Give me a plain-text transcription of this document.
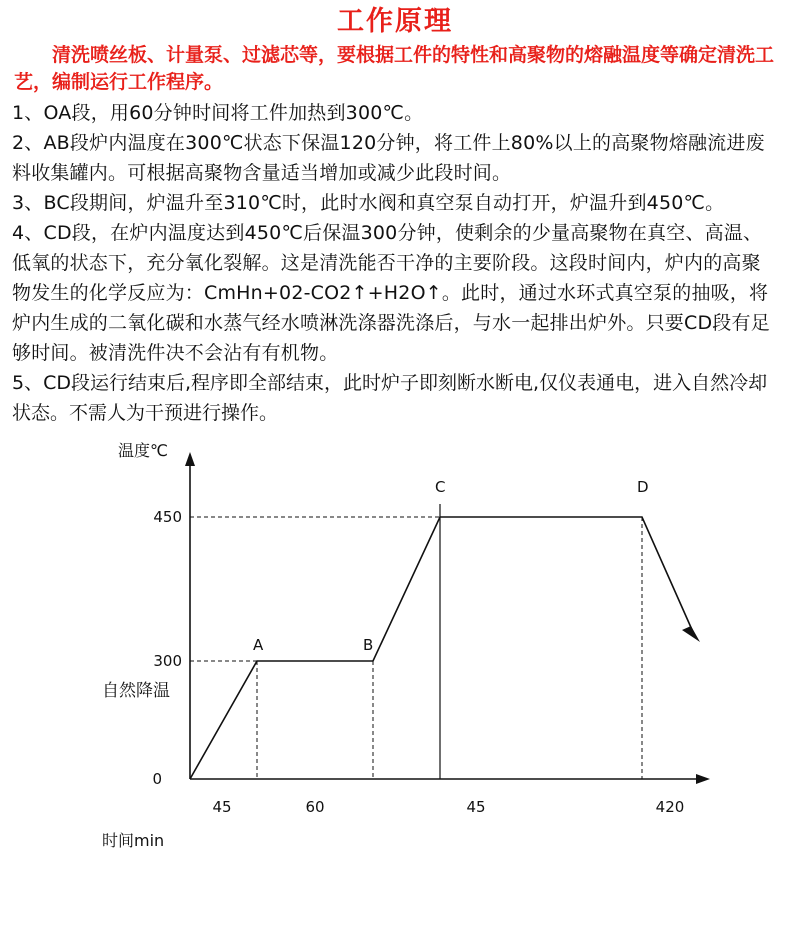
工作原理

清洗喷丝板、计量泵、过滤芯等，要根据工件的特性和高聚物的熔融温度等确定清洗工艺，编制运行工作程序。

1、OA段，用60分钟时间将工件加热到300℃。

2、AB段炉内温度在300℃状态下保温120分钟，将工件上80%以上的高聚物熔融流进废料收集罐内。可根据高聚物含量适当增加或减少此段时间。

3、BC段期间，炉温升至310℃时，此时水阀和真空泵自动打开，炉温升到450℃。

4、CD段，在炉内温度达到450℃后保温300分钟，使剩余的少量高聚物在真空、高温、低氧的状态下，充分氧化裂解。这是清洗能否干净的主要阶段。这段时间内，炉内的高聚物发生的化学反应为：CmHn+02-CO2↑+H2O↑。此时，通过水环式真空泵的抽吸，将炉内生成的二氧化碳和水蒸气经水喷淋洗涤器洗涤后，与水一起排出炉外。只要CD段有足够时间。被清洗件决不会沾有有机物。

5、CD段运行结束后,程序即全部结束，此时炉子即刻断水断电,仅仪表通电，进入自然冷却状态。不需人为干预进行操作。

温度℃
时间min
自然降温
0
300
450
A	B
C	D
45	60	45	420
